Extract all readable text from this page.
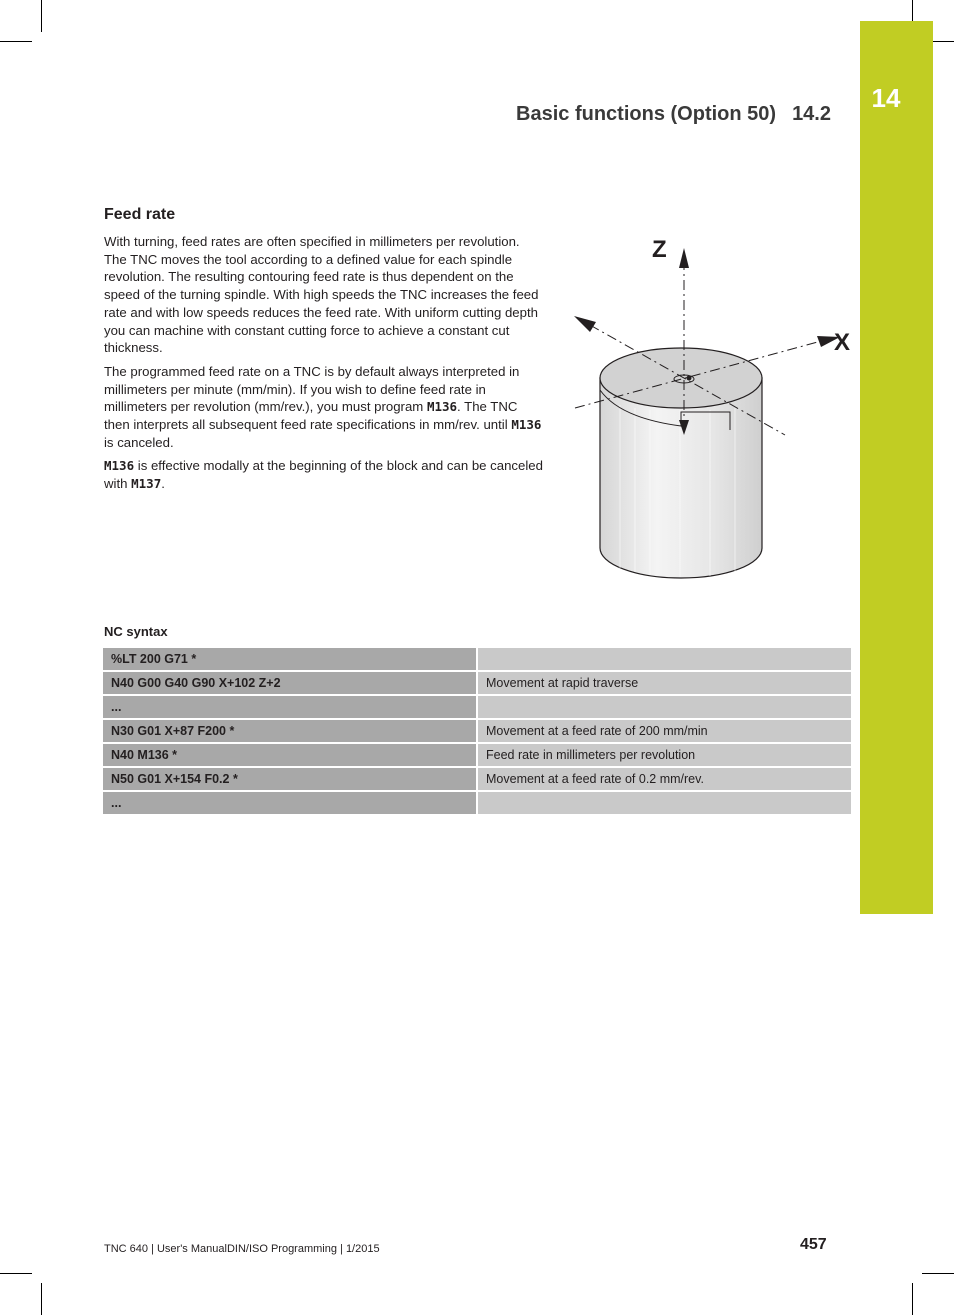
14
Basic functions (Option 50) 14.2
Feed rate

With turning, feed rates are often specified in millimeters per revolution. The TNC moves the tool according to a defined value for each spindle revolution. The resulting contouring feed rate is thus dependent on the speed of the turning spindle. With high speeds the TNC increases the feed rate and with low speeds reduces the feed rate. With uniform cutting depth you can machine with constant cutting force to achieve a constant cut thickness.

The programmed feed rate on a TNC is by default always interpreted in millimeters per minute (mm/min). If you wish to define feed rate in millimeters per revolution (mm/rev.), you must program M136. The TNC then interprets all subsequent feed rate specifications in mm/rev. until M136 is canceled.

M136 is effective modally at the beginning of the block and can be canceled with M137.

Z
X
NC syntax
%LT 200 G71 *	
N40 G00 G40 G90 X+102 Z+2	Movement at rapid traverse
...	
N30 G01 X+87 F200 *	Movement at a feed rate of 200 mm/min
N40 M136 *	Feed rate in millimeters per revolution
N50 G01 X+154 F0.2 *	Movement at a feed rate of 0.2 mm/rev.
...	
TNC 640 | User's ManualDIN/ISO Programming | 1/2015	457
